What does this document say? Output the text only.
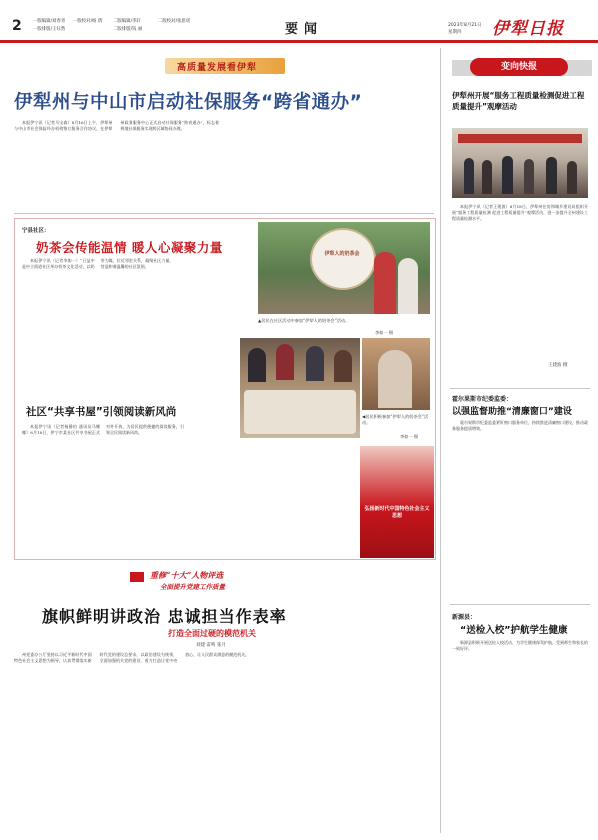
2	一版编辑/刘春青 一版校对/杨 倩 二版编辑/李轩	二版校对/张思瑶
一版排版/王钰然	二版排版/钱 丽	要闻	2023年8月21日
星期四 伊犁日报
高质量发展看伊犁
伊犁州与中山市启动社保服务“跨省通办”

本报伊宁讯（记者马宝森）8月16日上午，伊犁州与中山市社会保险经办机构签订服务合作协议，在伊犁州政务服务中心正式启动社保服务“跨省通办”，标志着两地社保服务实现跨区域协同办理。

变向快报
伊犁州开展“服务工程质量检测促进工程质量提升”观摩活动

本报伊宁讯（记者王建波）8月18日，伊犁州住房和城乡建设局组织开展“服务工程质量检测 促进工程质量提升”观摩活动，进一步提升全州建设工程质量检测水平。

王建波 摄
霍尔果斯市纪委监委：
以强监督助推“清廉窗口”建设

霍尔果斯市纪委监委紧盯窗口服务单位，持续推进清廉窗口建设，推动政务服务提质增效。

新源县：
“送检入校”护航学生健康

新源县积极开展送检入校活动，为学生健康保驾护航，受到师生和家长的一致好评。

宁县社区：
奶茶会传能温情 暖人心凝聚力量

本报伊宁讯（记者李如一）“日益中是中立街道社区举办奶茶文化活动，以奶茶为媒，拉近邻里关系，凝聚社区力量，营造和谐温馨的社区氛围。

伊犁人的奶茶会
▲居民在社区活动中参加“伊犁人的奶茶会”活动。
李如一 摄
◀居民积极参加“伊犁人的奶茶会”活动。
李如一 摄
社区“共享书屋”引领阅读新风尚

本报伊宁讯（记者杨静怡 通讯员马娜娜）8月18日，伊宁市某社区共享书屋正式对外开放，为居民提供便捷的阅读服务，引领全民阅读新风尚。

弘扬新时代中国特色社会主义思想
重修“十大”人物评选
全面提升党建工作质量
旗帜鲜明讲政治 忠诚担当作表率
打造全面过硬的模范机关
刘建 雷鸣 张月

州党委办公厅坚持以习近平新时代中国特色社会主义思想为指导，认真贯彻落实新时代党的建设总要求，以政治建设为统领，全面加强机关党的建设，着力打造让党中央放心、让人民群众满意的模范机关。
